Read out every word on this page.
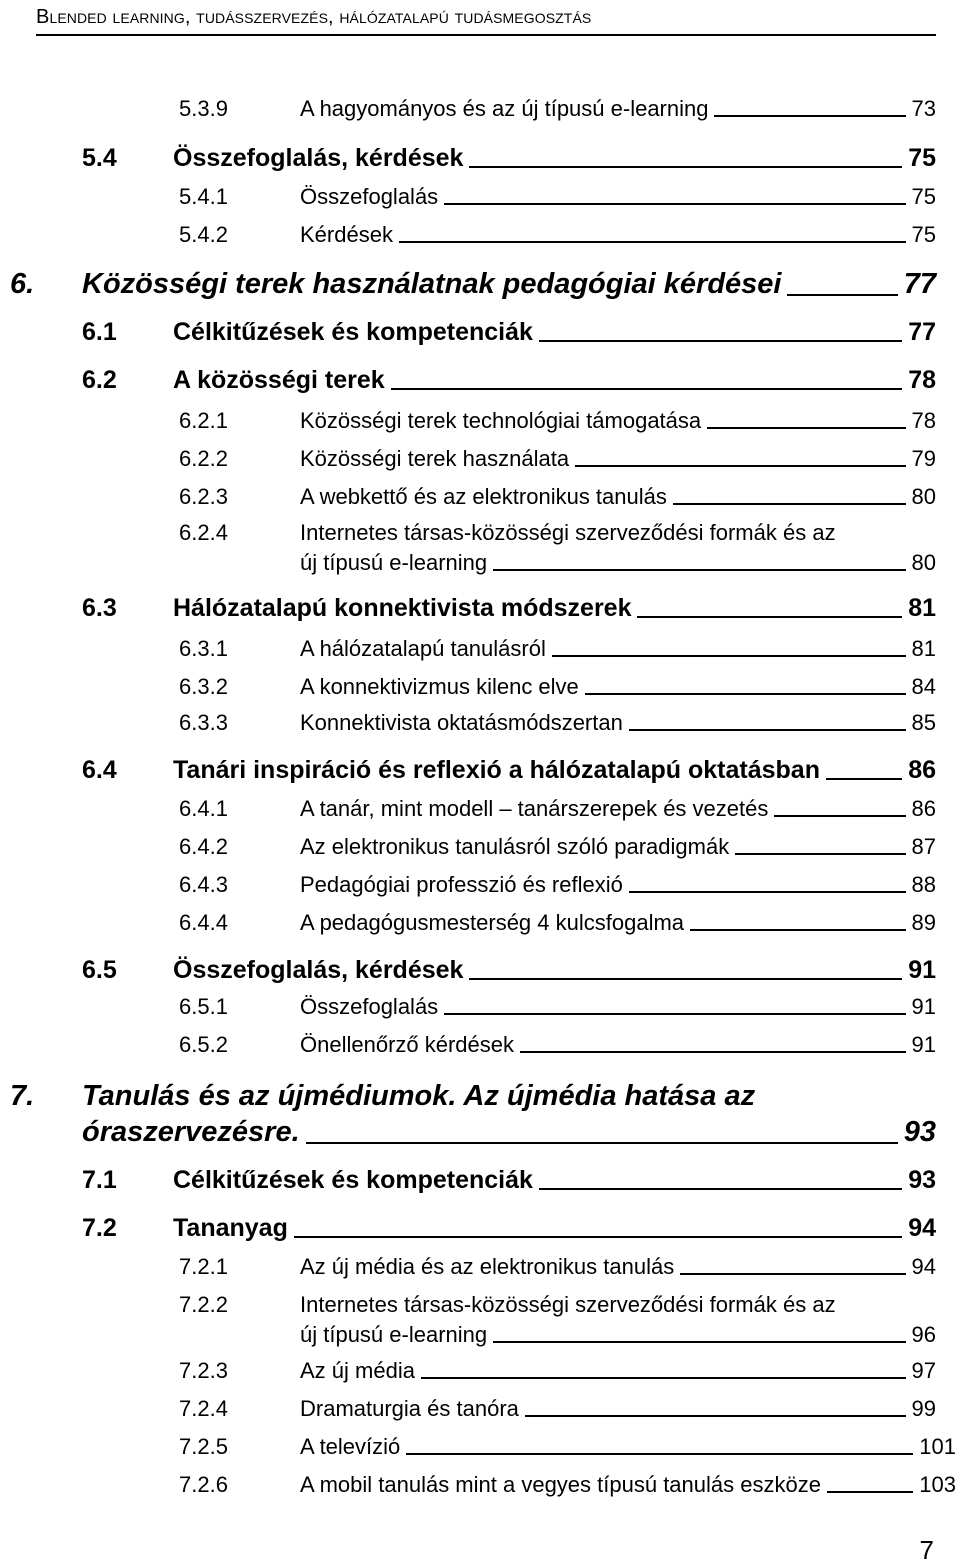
Blended learning, tudásszervezés, hálózatalapú tudásmegosztás
5.3.9	A hagyományos és az új típusú e-learning	73
5.4 Összefoglalás, kérdések	75
5.4.1	Összefoglalás	75
5.4.2	Kérdések	75
6. Közösségi terek használatnak pedagógiai kérdései	77
6.1 Célkitűzések és kompetenciák	77
6.2 A közösségi terek	78
6.2.1	Közösségi terek technológiai támogatása	78
6.2.2	Közösségi terek használata	79
6.2.3	A webkettő és az elektronikus tanulás	80
6.2.4	Internetes társas-közösségi szerveződési formák és az
új típusú e-learning	80
6.3 Hálózatalapú konnektivista módszerek	81
6.3.1	A hálózatalapú tanulásról	81
6.3.2	A konnektivizmus kilenc elve	84
6.3.3	Konnektivista oktatásmódszertan	85
6.4 Tanári inspiráció és reflexió a hálózatalapú oktatásban	86
6.4.1	A tanár, mint modell – tanárszerepek és vezetés	86
6.4.2	Az elektronikus tanulásról szóló paradigmák	87
6.4.3	Pedagógiai professzió és reflexió	88
6.4.4	A pedagógusmesterség 4 kulcsfogalma	89
6.5 Összefoglalás, kérdések	91
6.5.1	Összefoglalás	91
6.5.2	Önellenőrző kérdések	91
7. Tanulás és az újmédiumok. Az újmédia hatása az
óraszervezésre.	93
7.1 Célkitűzések és kompetenciák	93
7.2 Tananyag	94
7.2.1	Az új média és az elektronikus tanulás	94
7.2.2	Internetes társas-közösségi szerveződési formák és az
új típusú e-learning	96
7.2.3	Az új média	97
7.2.4	Dramaturgia és tanóra	99
7.2.5	A televízió	101
7.2.6	A mobil tanulás mint a vegyes típusú tanulás eszköze	103
7
